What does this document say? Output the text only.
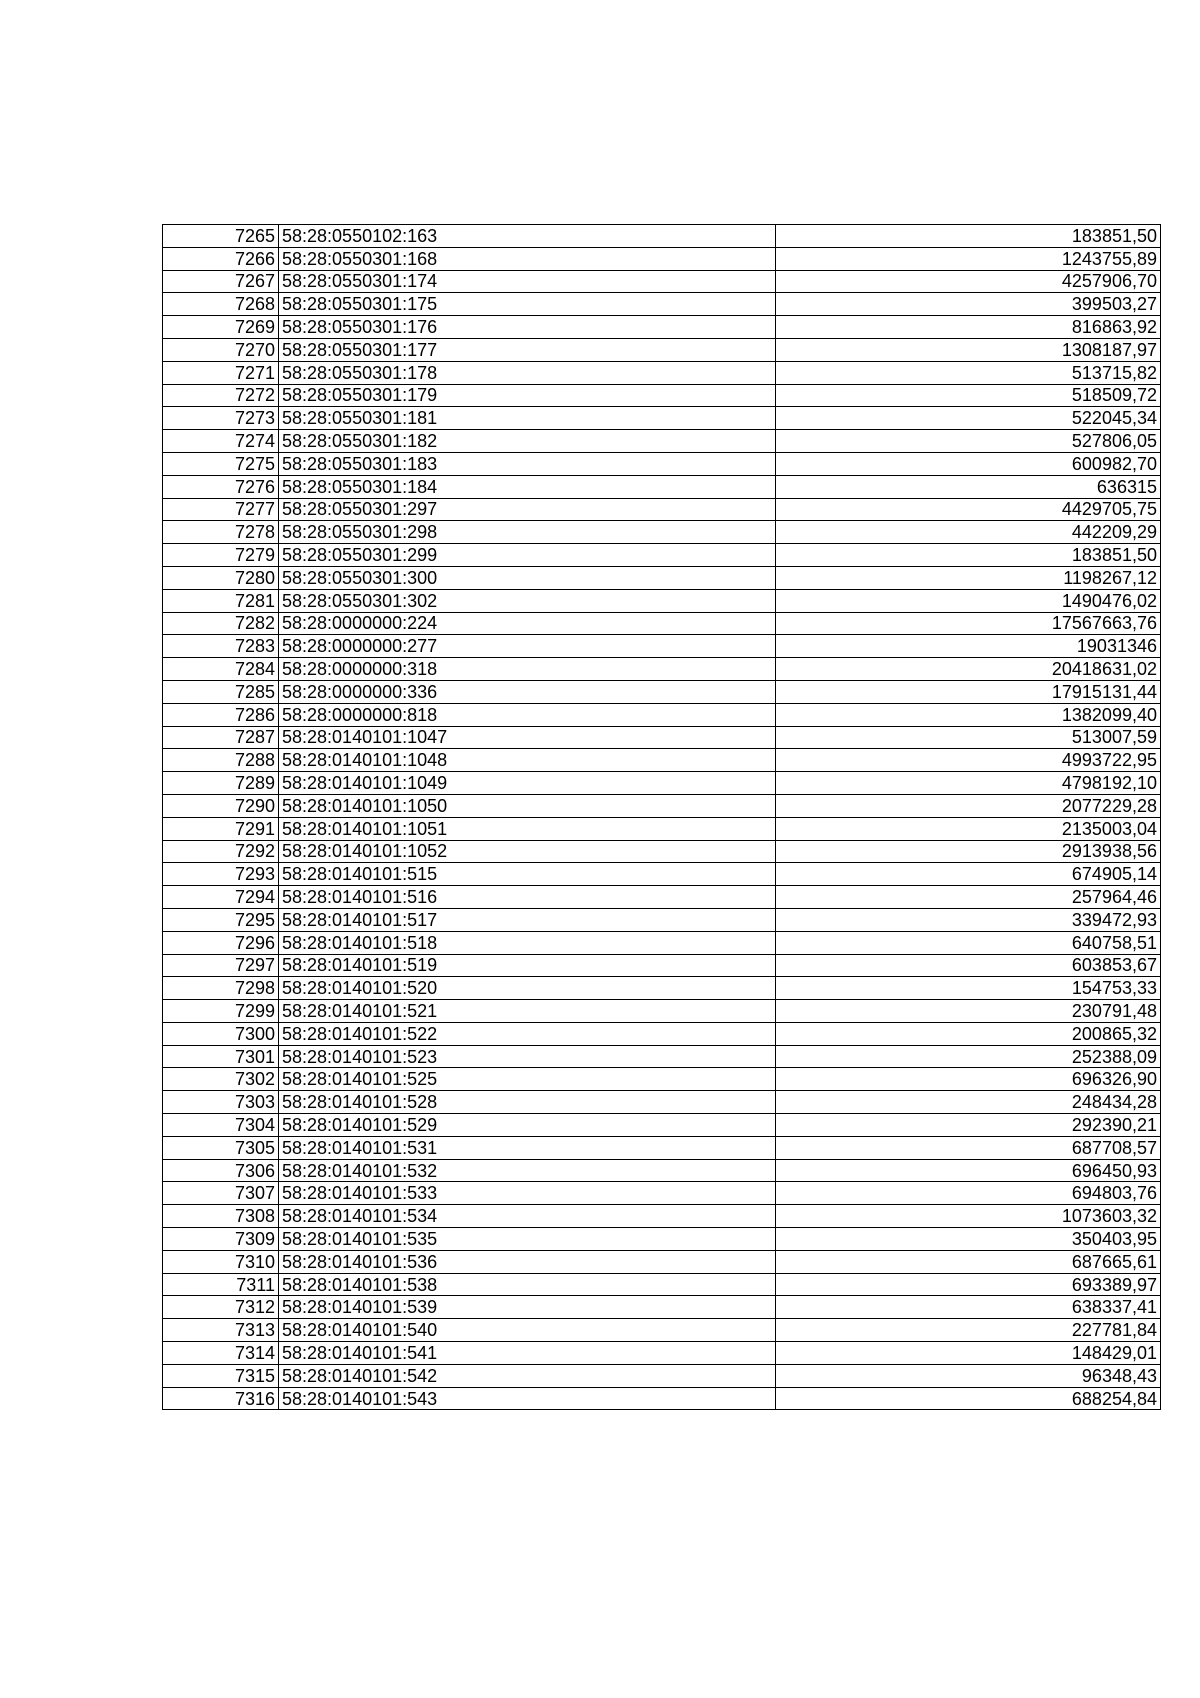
7265	58:28:0550102:163	183851,50
7266	58:28:0550301:168	1243755,89
7267	58:28:0550301:174	4257906,70
7268	58:28:0550301:175	399503,27
7269	58:28:0550301:176	816863,92
7270	58:28:0550301:177	1308187,97
7271	58:28:0550301:178	513715,82
7272	58:28:0550301:179	518509,72
7273	58:28:0550301:181	522045,34
7274	58:28:0550301:182	527806,05
7275	58:28:0550301:183	600982,70
7276	58:28:0550301:184	636315
7277	58:28:0550301:297	4429705,75
7278	58:28:0550301:298	442209,29
7279	58:28:0550301:299	183851,50
7280	58:28:0550301:300	1198267,12
7281	58:28:0550301:302	1490476,02
7282	58:28:0000000:224	17567663,76
7283	58:28:0000000:277	19031346
7284	58:28:0000000:318	20418631,02
7285	58:28:0000000:336	17915131,44
7286	58:28:0000000:818	1382099,40
7287	58:28:0140101:1047	513007,59
7288	58:28:0140101:1048	4993722,95
7289	58:28:0140101:1049	4798192,10
7290	58:28:0140101:1050	2077229,28
7291	58:28:0140101:1051	2135003,04
7292	58:28:0140101:1052	2913938,56
7293	58:28:0140101:515	674905,14
7294	58:28:0140101:516	257964,46
7295	58:28:0140101:517	339472,93
7296	58:28:0140101:518	640758,51
7297	58:28:0140101:519	603853,67
7298	58:28:0140101:520	154753,33
7299	58:28:0140101:521	230791,48
7300	58:28:0140101:522	200865,32
7301	58:28:0140101:523	252388,09
7302	58:28:0140101:525	696326,90
7303	58:28:0140101:528	248434,28
7304	58:28:0140101:529	292390,21
7305	58:28:0140101:531	687708,57
7306	58:28:0140101:532	696450,93
7307	58:28:0140101:533	694803,76
7308	58:28:0140101:534	1073603,32
7309	58:28:0140101:535	350403,95
7310	58:28:0140101:536	687665,61
7311	58:28:0140101:538	693389,97
7312	58:28:0140101:539	638337,41
7313	58:28:0140101:540	227781,84
7314	58:28:0140101:541	148429,01
7315	58:28:0140101:542	96348,43
7316	58:28:0140101:543	688254,84
